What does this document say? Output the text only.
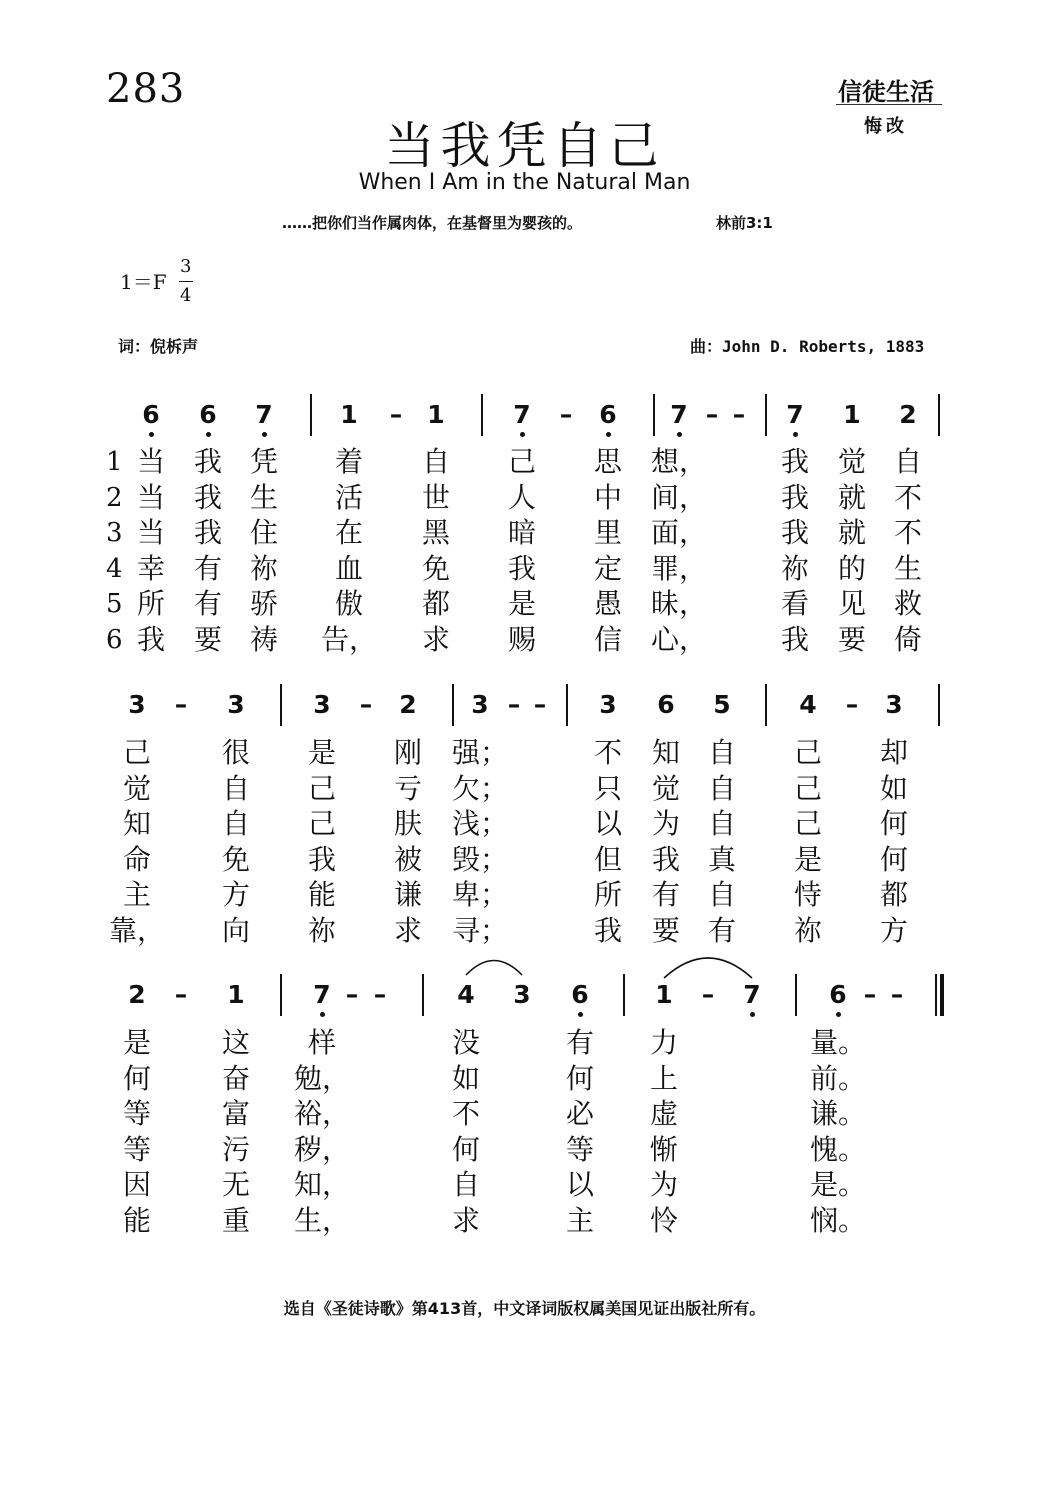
283	信徒生活
悔改
当我凭自己
When I Am in the Natural Man
……把你们当作属肉体，在基督里为婴孩的。	林前3:1
1＝F
3
4
词：倪柝声	曲：John D. Roberts, 1883
6 6 7	1 – 1	7 – 6 7 – – 7 1 2
1 当 我 凭 着 自 己 思 想，	我 觉 自
2 当 我 生 活 世 人 中 间，	我 就 不
3 当 我 住 在 黑 暗 里 面，	我 就 不
4 幸 有 祢 血 免 我 定 罪，	祢 的 生
5 所 有 骄 傲 都 是 愚 昧，	看 见 救
6 我 要 祷 告， 求 赐 信 心，	我 要 倚
3 – 3	3 – 2 3 – – 3 6 5	4 – 3
己	很 是 刚 强；	不 知 自 己 却
觉	自 己 亏 欠；	只 觉 自 己 如
知	自 己 肤 浅；	以 为 自 己 何
命	免 我 被 毁；	但 我 真 是 何
主	方 能 谦 卑；	所 有 自 恃 都
靠， 向 祢 求 寻；	我 要 有 祢 方
2 – 1	7 – –	4 3 6	1 – 7	6 – –
是	这 样	没	有 力	量。
何	奋 勉，	如	何 上	前。
等	富 裕，	不	必 虚	谦。
等	污 秽，	何	等 惭	愧。
因	无 知，	自	以 为	是。
能	重 生，	求	主 怜	悯。
选自《圣徒诗歌》第413首，中文译词版权属美国见证出版社所有。
